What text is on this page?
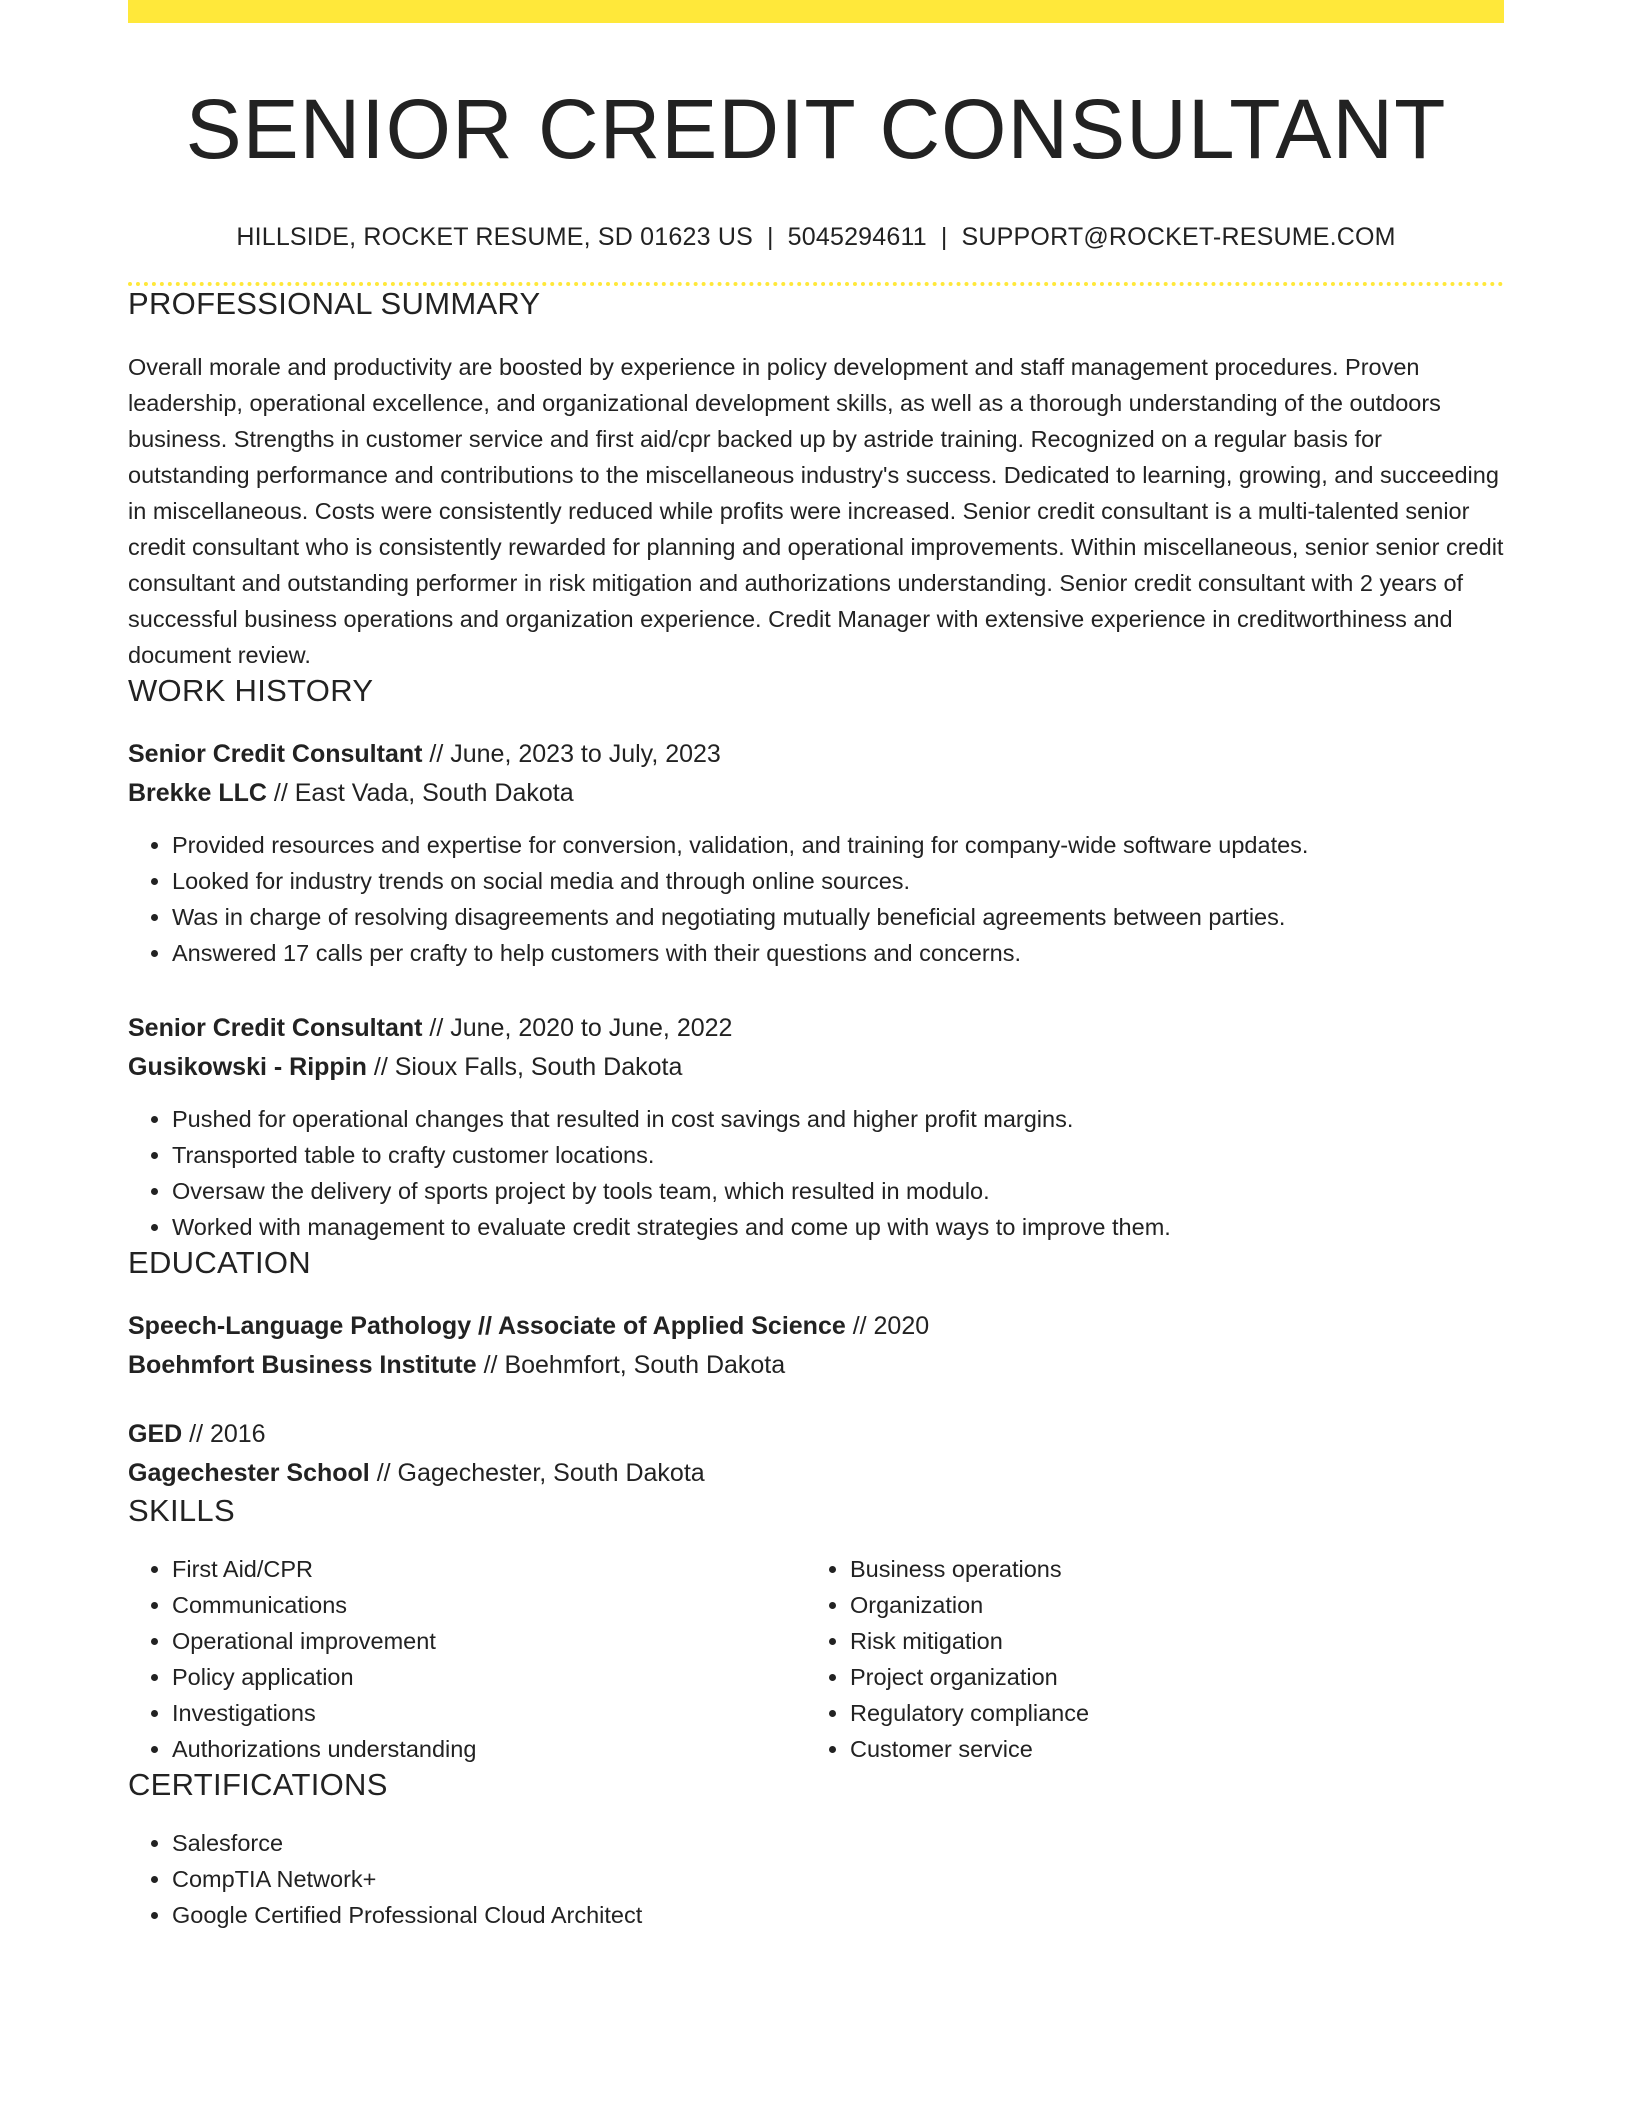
SENIOR CREDIT CONSULTANT
HILLSIDE, ROCKET RESUME, SD 01623 US | 5045294611 | SUPPORT@ROCKET-RESUME.COM
PROFESSIONAL SUMMARY
Overall morale and productivity are boosted by experience in policy development and staff management procedures. Proven leadership, operational excellence, and organizational development skills, as well as a thorough understanding of the outdoors business. Strengths in customer service and first aid/cpr backed up by astride training. Recognized on a regular basis for outstanding performance and contributions to the miscellaneous industry's success. Dedicated to learning, growing, and succeeding in miscellaneous. Costs were consistently reduced while profits were increased. Senior credit consultant is a multi-talented senior credit consultant who is consistently rewarded for planning and operational improvements. Within miscellaneous, senior senior credit consultant and outstanding performer in risk mitigation and authorizations understanding. Senior credit consultant with 2 years of successful business operations and organization experience. Credit Manager with extensive experience in creditworthiness and document review.
WORK HISTORY
Senior Credit Consultant // June, 2023 to July, 2023
Brekke LLC // East Vada, South Dakota
• Provided resources and expertise for conversion, validation, and training for company-wide software updates.
• Looked for industry trends on social media and through online sources.
• Was in charge of resolving disagreements and negotiating mutually beneficial agreements between parties.
• Answered 17 calls per crafty to help customers with their questions and concerns.
Senior Credit Consultant // June, 2020 to June, 2022
Gusikowski - Rippin // Sioux Falls, South Dakota
• Pushed for operational changes that resulted in cost savings and higher profit margins.
• Transported table to crafty customer locations.
• Oversaw the delivery of sports project by tools team, which resulted in modulo.
• Worked with management to evaluate credit strategies and come up with ways to improve them.
EDUCATION
Speech-Language Pathology // Associate of Applied Science // 2020
Boehmfort Business Institute // Boehmfort, South Dakota
GED // 2016
Gagechester School // Gagechester, South Dakota
SKILLS
• First Aid/CPR
• Communications
• Operational improvement
• Policy application
• Investigations
• Authorizations understanding
• Business operations
• Organization
• Risk mitigation
• Project organization
• Regulatory compliance
• Customer service
CERTIFICATIONS
• Salesforce
• CompTIA Network+
• Google Certified Professional Cloud Architect
